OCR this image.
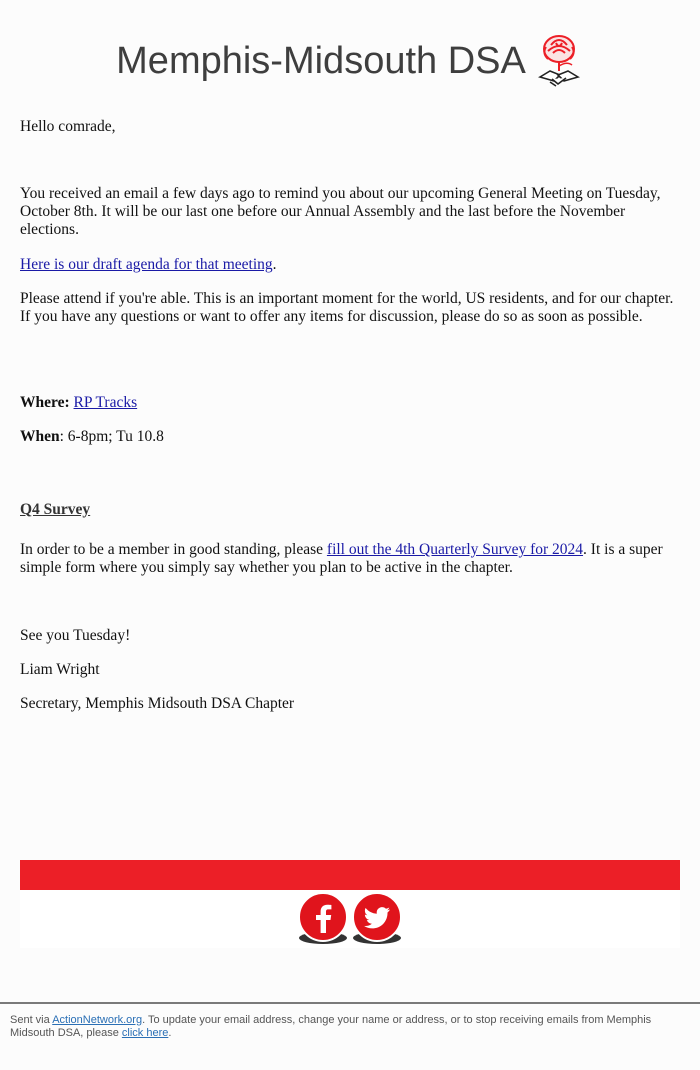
Memphis-Midsouth DSA

Hello comrade,

You received an email a few days ago to remind you about our upcoming General Meeting on Tuesday, October 8th. It will be our last one before our Annual Assembly and the last before the November elections.

Here is our draft agenda for that meeting.

Please attend if you're able. This is an important moment for the world, US residents, and for our chapter. If you have any questions or want to offer any items for discussion, please do so as soon as possible.

Where: RP Tracks

When: 6-8pm; Tu 10.8

Q4 Survey

In order to be a member in good standing, please fill out the 4th Quarterly Survey for 2024. It is a super simple form where you simply say whether you plan to be active in the chapter.

See you Tuesday!

Liam Wright

Secretary, Memphis Midsouth DSA Chapter

Sent via ActionNetwork.org. To update your email address, change your name or address, or to stop receiving emails from Memphis Midsouth DSA, please click here.
